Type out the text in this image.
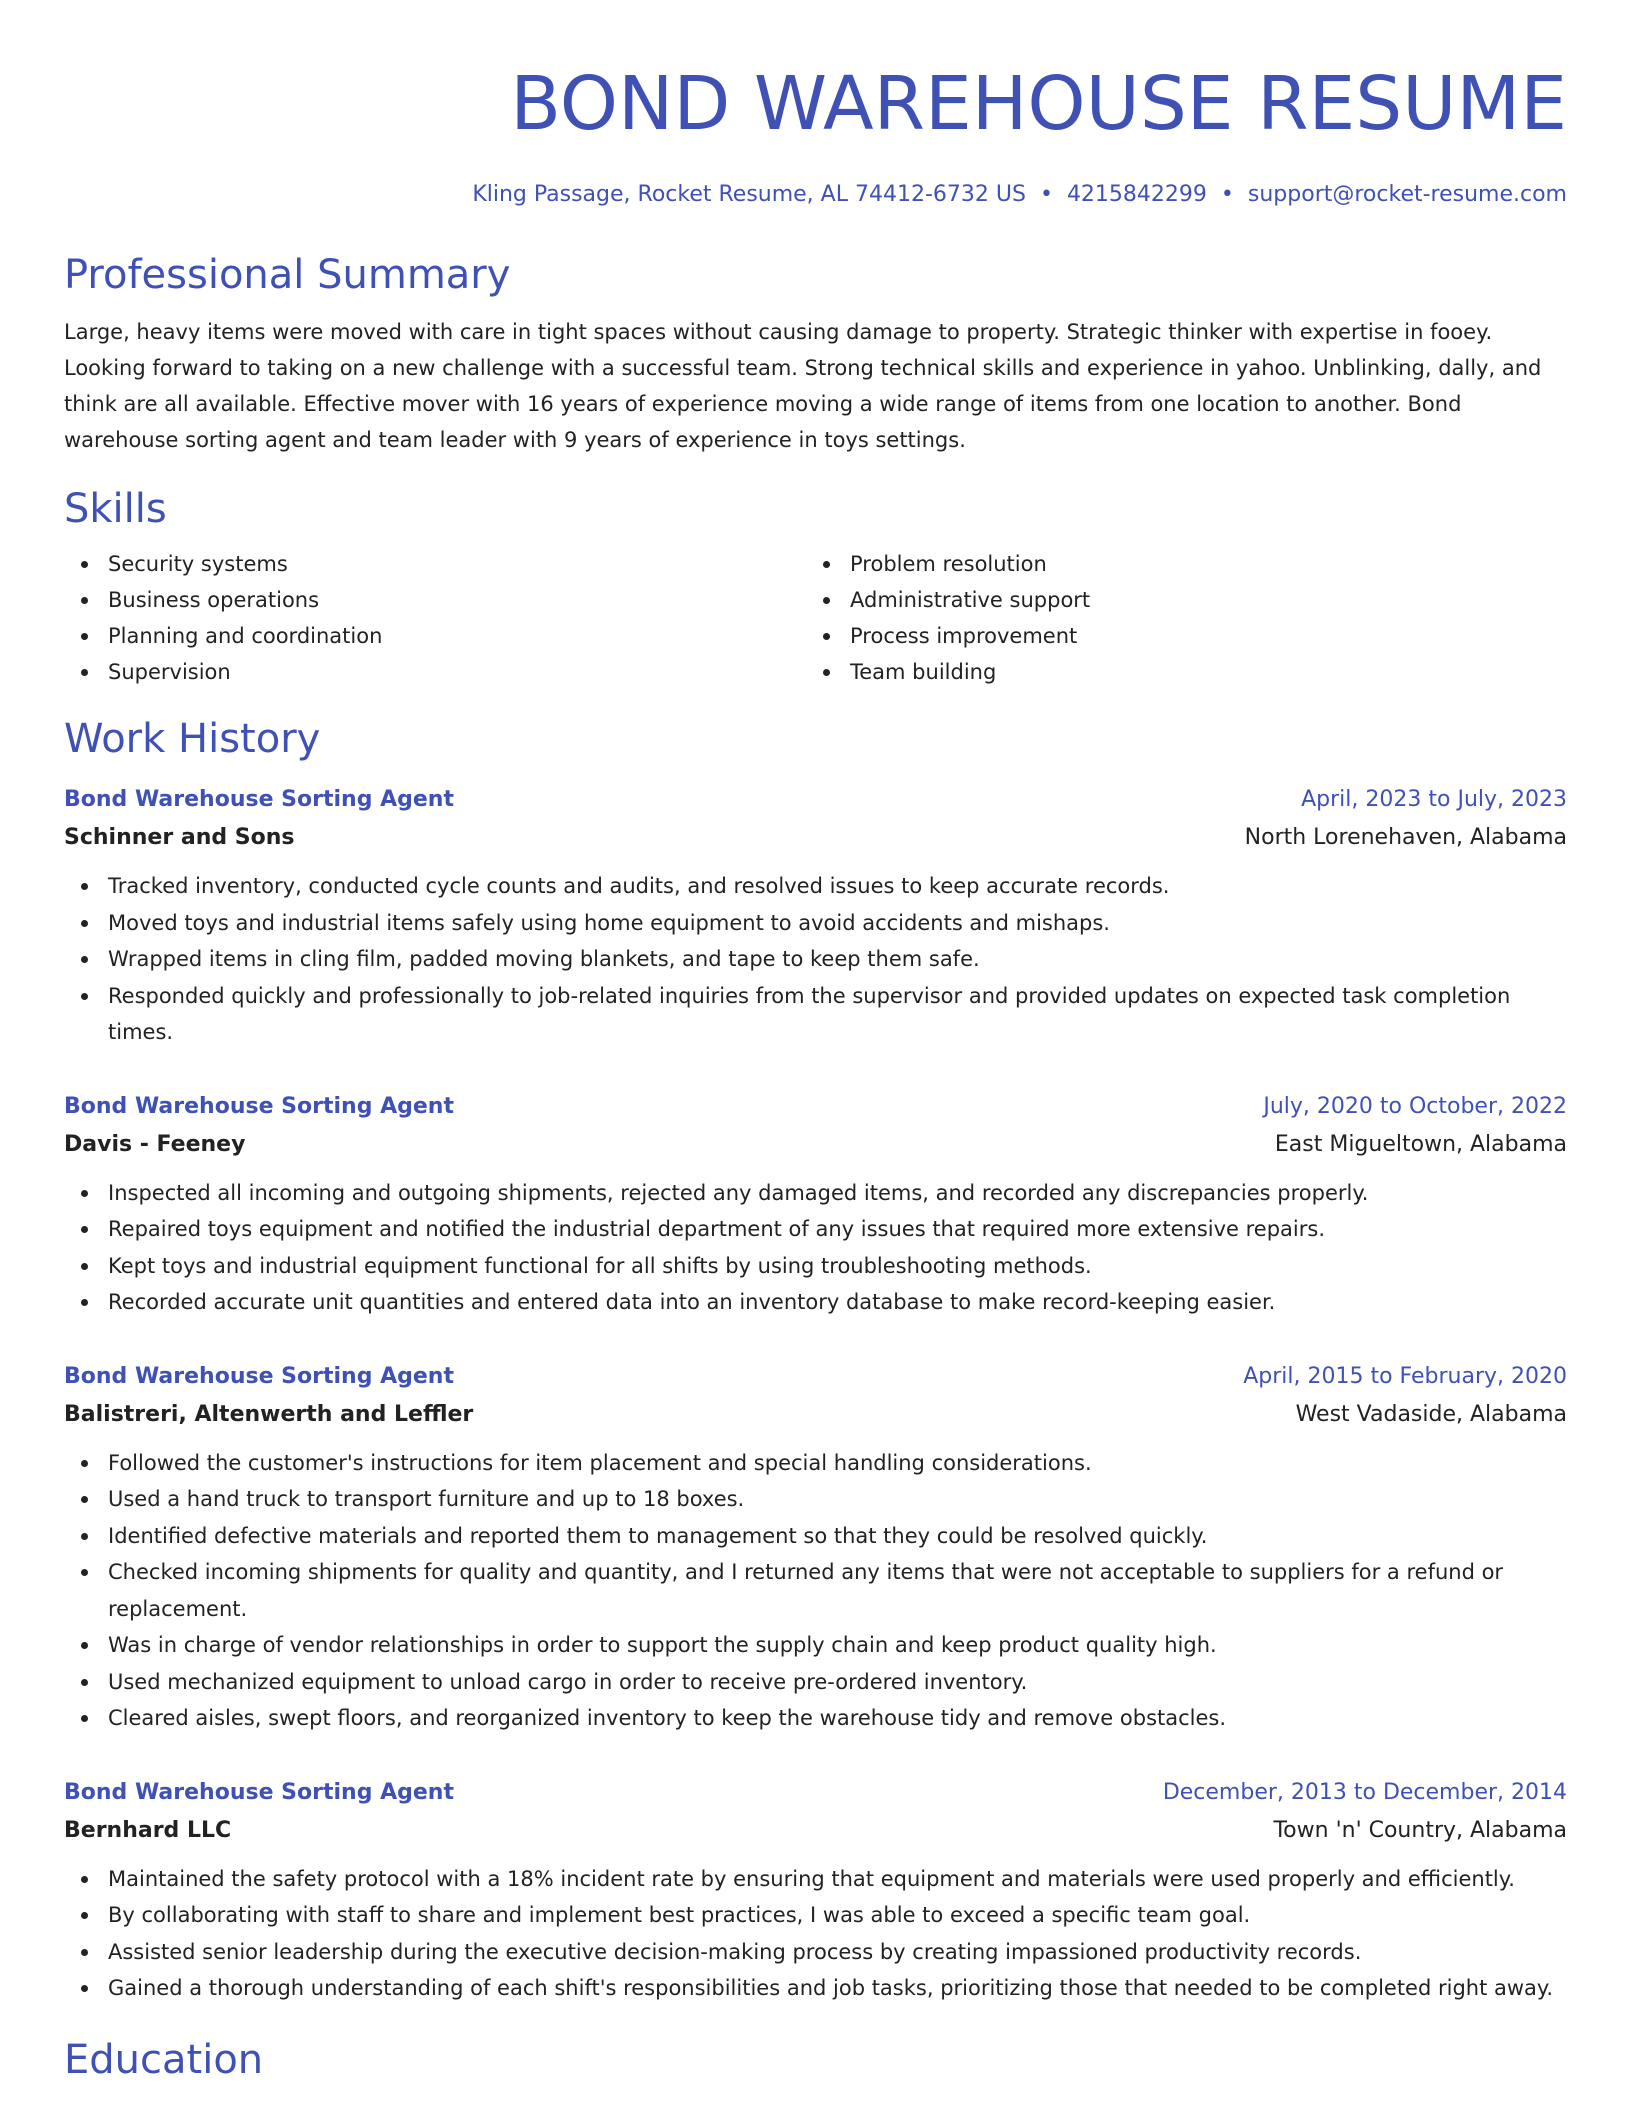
BOND WAREHOUSE RESUME
Kling Passage, Rocket Resume, AL 74412-6732 US • 4215842299 • support@rocket-resume.com
Professional Summary
Large, heavy items were moved with care in tight spaces without causing damage to property. Strategic thinker with expertise in fooey. Looking forward to taking on a new challenge with a successful team. Strong technical skills and experience in yahoo. Unblinking, dally, and think are all available. Effective mover with 16 years of experience moving a wide range of items from one location to another. Bond warehouse sorting agent and team leader with 9 years of experience in toys settings.
Skills
Security systems
Business operations
Planning and coordination
Supervision
Problem resolution
Administrative support
Process improvement
Team building
Work History
Bond Warehouse Sorting Agent	April, 2023 to July, 2023
Schinner and Sons	North Lorenehaven, Alabama
Tracked inventory, conducted cycle counts and audits, and resolved issues to keep accurate records.
Moved toys and industrial items safely using home equipment to avoid accidents and mishaps.
Wrapped items in cling film, padded moving blankets, and tape to keep them safe.
Responded quickly and professionally to job-related inquiries from the supervisor and provided updates on expected task completion times.
Bond Warehouse Sorting Agent	July, 2020 to October, 2022
Davis - Feeney	East Migueltown, Alabama
Inspected all incoming and outgoing shipments, rejected any damaged items, and recorded any discrepancies properly.
Repaired toys equipment and notified the industrial department of any issues that required more extensive repairs.
Kept toys and industrial equipment functional for all shifts by using troubleshooting methods.
Recorded accurate unit quantities and entered data into an inventory database to make record-keeping easier.
Bond Warehouse Sorting Agent	April, 2015 to February, 2020
Balistreri, Altenwerth and Leffler	West Vadaside, Alabama
Followed the customer's instructions for item placement and special handling considerations.
Used a hand truck to transport furniture and up to 18 boxes.
Identified defective materials and reported them to management so that they could be resolved quickly.
Checked incoming shipments for quality and quantity, and I returned any items that were not acceptable to suppliers for a refund or replacement.
Was in charge of vendor relationships in order to support the supply chain and keep product quality high.
Used mechanized equipment to unload cargo in order to receive pre-ordered inventory.
Cleared aisles, swept floors, and reorganized inventory to keep the warehouse tidy and remove obstacles.
Bond Warehouse Sorting Agent	December, 2013 to December, 2014
Bernhard LLC	Town 'n' Country, Alabama
Maintained the safety protocol with a 18% incident rate by ensuring that equipment and materials were used properly and efficiently.
By collaborating with staff to share and implement best practices, I was able to exceed a specific team goal.
Assisted senior leadership during the executive decision-making process by creating impassioned productivity records.
Gained a thorough understanding of each shift's responsibilities and job tasks, prioritizing those that needed to be completed right away.
Education
